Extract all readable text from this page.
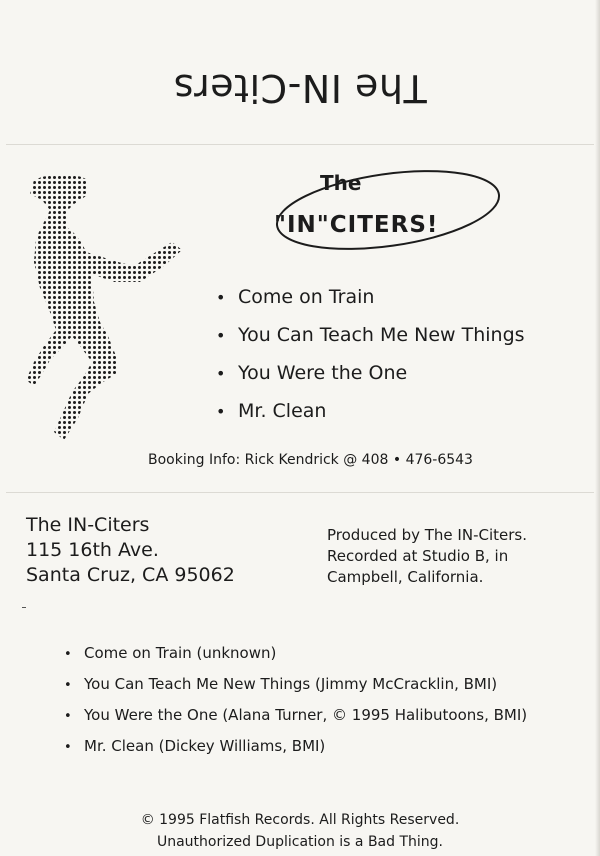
The IN-Citers
The
"IN"CITERS!
• Come on Train
• You Can Teach Me New Things
• You Were the One
• Mr. Clean
Booking Info: Rick Kendrick @ 408 • 476-6543
The IN-Citers
115 16th Ave.
Santa Cruz, CA 95062
Produced by The IN-Citers.
Recorded at Studio B, in
Campbell, California.
• Come on Train (unknown)
• You Can Teach Me New Things (Jimmy McCracklin, BMI)
• You Were the One (Alana Turner, © 1995 Halibutoons, BMI)
• Mr. Clean (Dickey Williams, BMI)
© 1995 Flatfish Records. All Rights Reserved.
Unauthorized Duplication is a Bad Thing.
